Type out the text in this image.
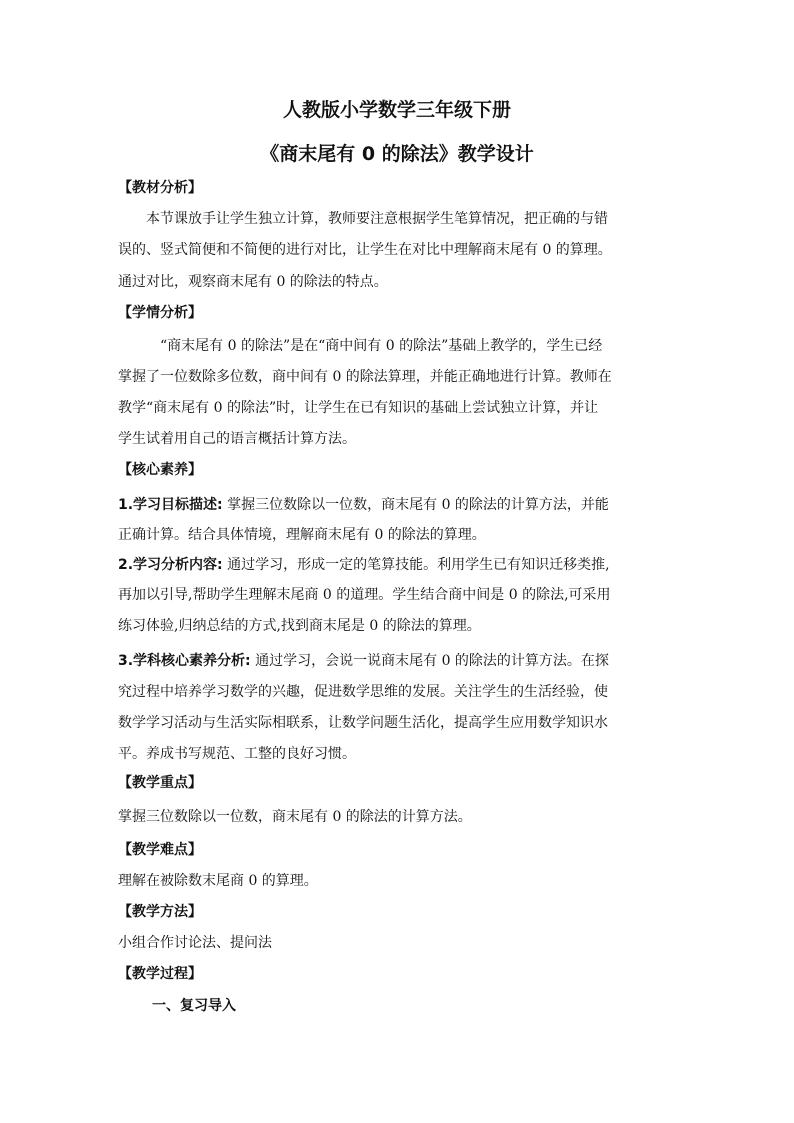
人教版小学数学三年级下册
《商末尾有 0 的除法》教学设计
【教材分析】
本节课放手让学生独立计算，教师要注意根据学生笔算情况，把正确的与错
误的、竖式简便和不简便的进行对比，让学生在对比中理解商末尾有 0 的算理。
通过对比，观察商末尾有 0 的除法的特点。
【学情分析】
“商末尾有 0 的除法”是在“商中间有 0 的除法”基础上教学的，学生已经
掌握了一位数除多位数，商中间有 0 的除法算理，并能正确地进行计算。教师在
教学“商末尾有 0 的除法”时，让学生在已有知识的基础上尝试独立计算，并让
学生试着用自己的语言概括计算方法。
【核心素养】
1.学习目标描述: 掌握三位数除以一位数，商末尾有 0 的除法的计算方法，并能
正确计算。结合具体情境，理解商末尾有 0 的除法的算理。
2.学习分析内容: 通过学习，形成一定的笔算技能。利用学生已有知识迁移类推,
再加以引导,帮助学生理解末尾商 0 的道理。学生结合商中间是 0 的除法,可采用
练习体验,归纳总结的方式,找到商末尾是 0 的除法的算理。
3.学科核心素养分析: 通过学习，会说一说商末尾有 0 的除法的计算方法。在探
究过程中培养学习数学的兴趣，促进数学思维的发展。关注学生的生活经验，使
数学学习活动与生活实际相联系，让数学问题生活化，提高学生应用数学知识水
平。养成书写规范、工整的良好习惯。
【教学重点】
掌握三位数除以一位数，商末尾有 0 的除法的计算方法。
【教学难点】
理解在被除数末尾商 0 的算理。
【教学方法】
小组合作讨论法、提问法
【教学过程】
一、复习导入
